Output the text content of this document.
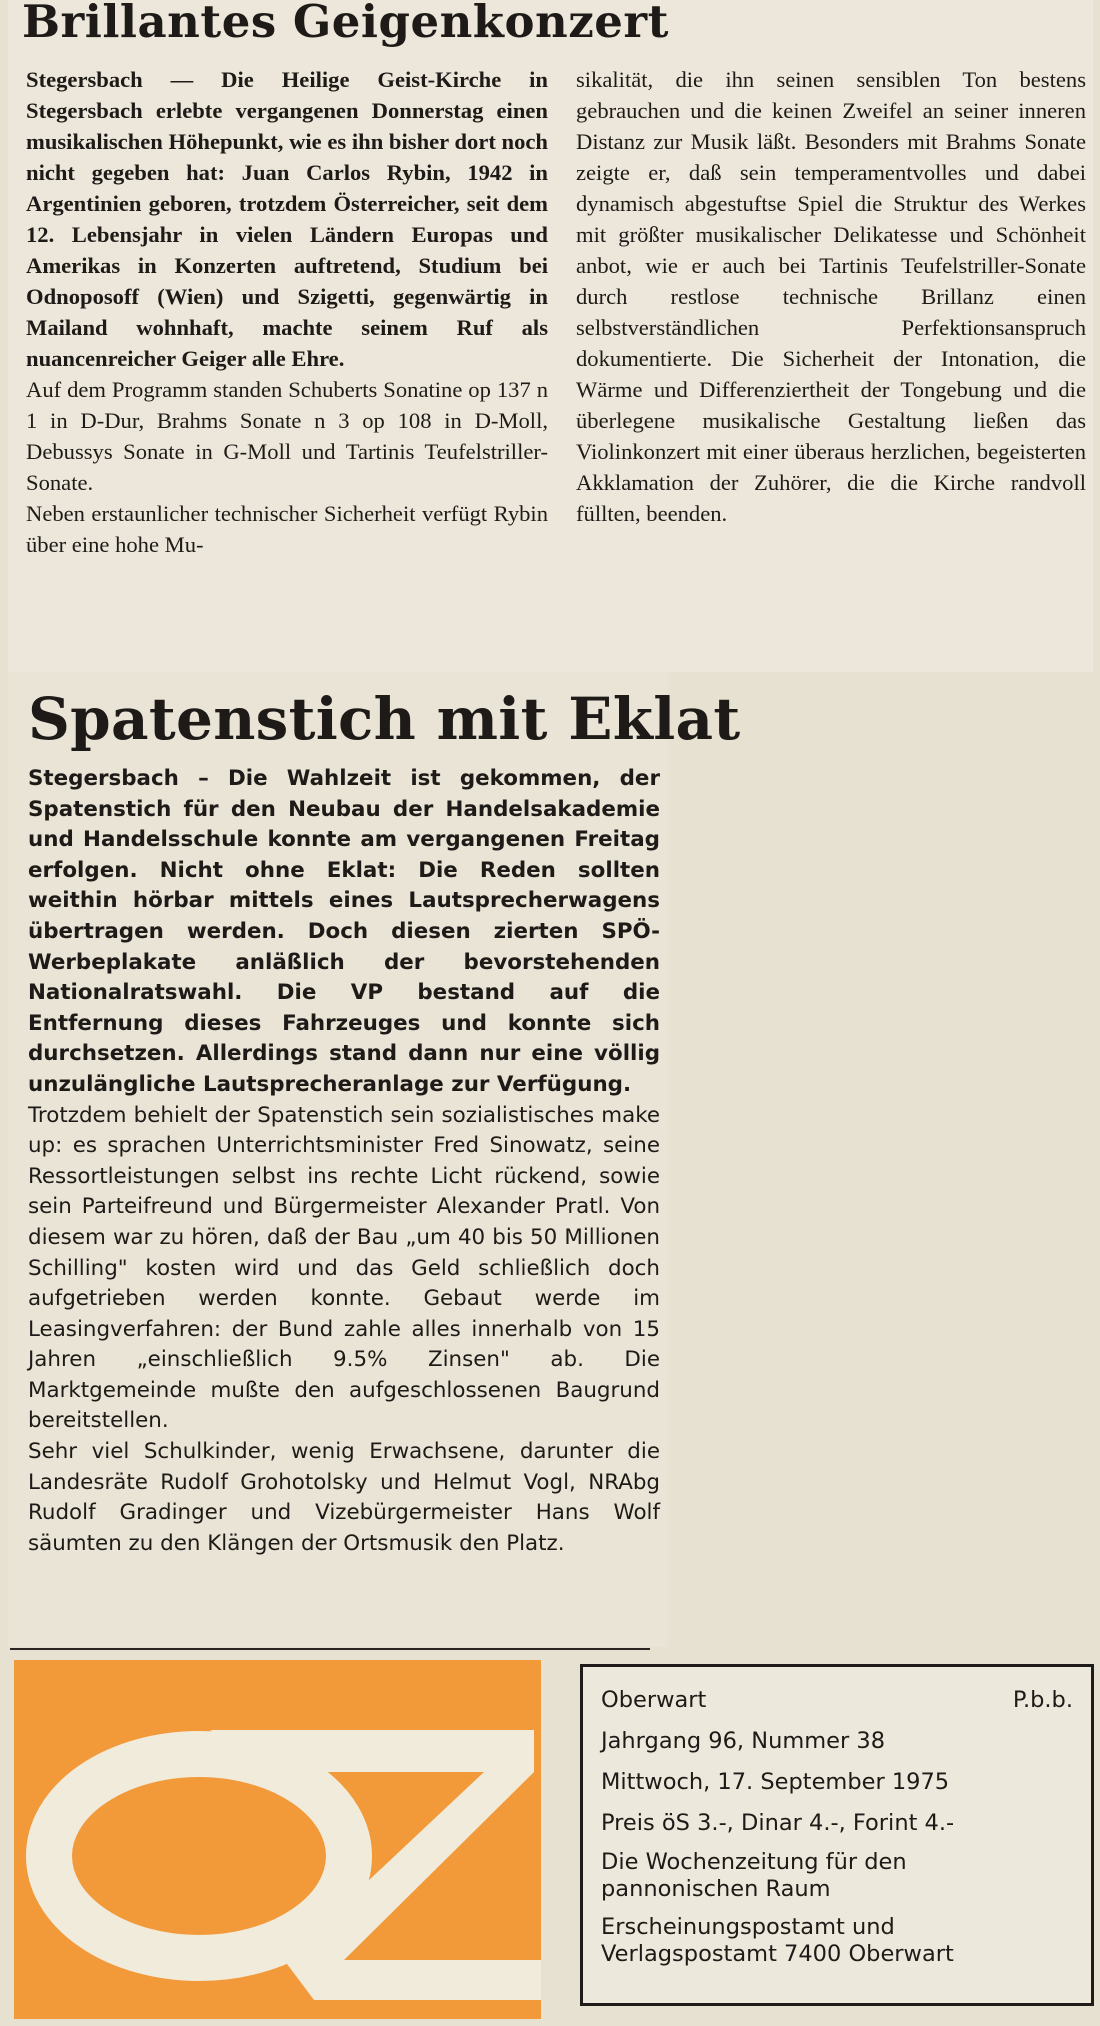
Brillantes Geigenkonzert

Stegersbach — Die Heilige Geist-Kirche in Stegersbach erlebte vergangenen Donnerstag einen musikalischen Höhepunkt, wie es ihn bisher dort noch nicht gegeben hat: Juan Carlos Rybin, 1942 in Argentinien geboren, trotzdem Österreicher, seit dem 12. Lebensjahr in vielen Ländern Europas und Amerikas in Konzerten auftretend, Studium bei Odnoposoff (Wien) und Szigetti, gegenwärtig in Mailand wohnhaft, machte seinem Ruf als nuancenreicher Geiger alle Ehre.

Auf dem Programm standen Schuberts Sonatine op 137 n 1 in D-Dur, Brahms Sonate n 3 op 108 in D-Moll, Debussys Sonate in G-Moll und Tartinis Teufelstriller-Sonate.

Neben erstaunlicher technischer Sicherheit verfügt Rybin über eine hohe Mu-

sikalität, die ihn seinen sensiblen Ton bestens gebrauchen und die keinen Zweifel an seiner inneren Distanz zur Musik läßt. Besonders mit Brahms Sonate zeigte er, daß sein temperamentvolles und dabei dynamisch abgestuftse Spiel die Struktur des Werkes mit größter musikalischer Delikatesse und Schönheit anbot, wie er auch bei Tartinis Teufelstriller-Sonate durch restlose technische Brillanz einen selbstverständlichen Perfektionsanspruch dokumentierte. Die Sicherheit der Intonation, die Wärme und Differenziertheit der Tongebung und die überlegene musikalische Gestaltung ließen das Violinkonzert mit einer überaus herzlichen, begeisterten Akklamation der Zuhörer, die die Kirche randvoll füllten, beenden.

Spatenstich mit Eklat

Stegersbach – Die Wahlzeit ist gekommen, der Spatenstich für den Neubau der Handelsakademie und Handelsschule konnte am vergangenen Freitag erfolgen. Nicht ohne Eklat: Die Reden sollten weithin hörbar mittels eines Lautsprecherwagens übertragen werden. Doch diesen zierten SPÖ-Werbeplakate anläßlich der bevorstehenden Nationalratswahl. Die VP bestand auf die Entfernung dieses Fahrzeuges und konnte sich durchsetzen. Allerdings stand dann nur eine völlig unzulängliche Lautsprecheranlage zur Verfügung.

Trotzdem behielt der Spatenstich sein sozialistisches make up: es sprachen Unterrichtsminister Fred Sinowatz, seine Ressortleistungen selbst ins rechte Licht rückend, sowie sein Parteifreund und Bürgermeister Alexander Pratl. Von diesem war zu hören, daß der Bau „um 40 bis 50 Millionen Schilling" kosten wird und das Geld schließlich doch aufgetrieben werden konnte. Gebaut werde im Leasingverfahren: der Bund zahle alles innerhalb von 15 Jahren „einschließlich 9.5% Zinsen" ab. Die Marktgemeinde mußte den aufgeschlossenen Baugrund bereitstellen.

Sehr viel Schulkinder, wenig Erwachsene, darunter die Landesräte Rudolf Grohotolsky und Helmut Vogl, NRAbg Rudolf Gradinger und Vizebürgermeister Hans Wolf säumten zu den Klängen der Ortsmusik den Platz.

Oberwart	P.b.b.
Jahrgang 96, Nummer 38
Mittwoch, 17. September 1975
Preis öS 3.-, Dinar 4.-, Forint 4.-
Die Wochenzeitung für den pannonischen Raum
Erscheinungspostamt und Verlagspostamt 7400 Oberwart
